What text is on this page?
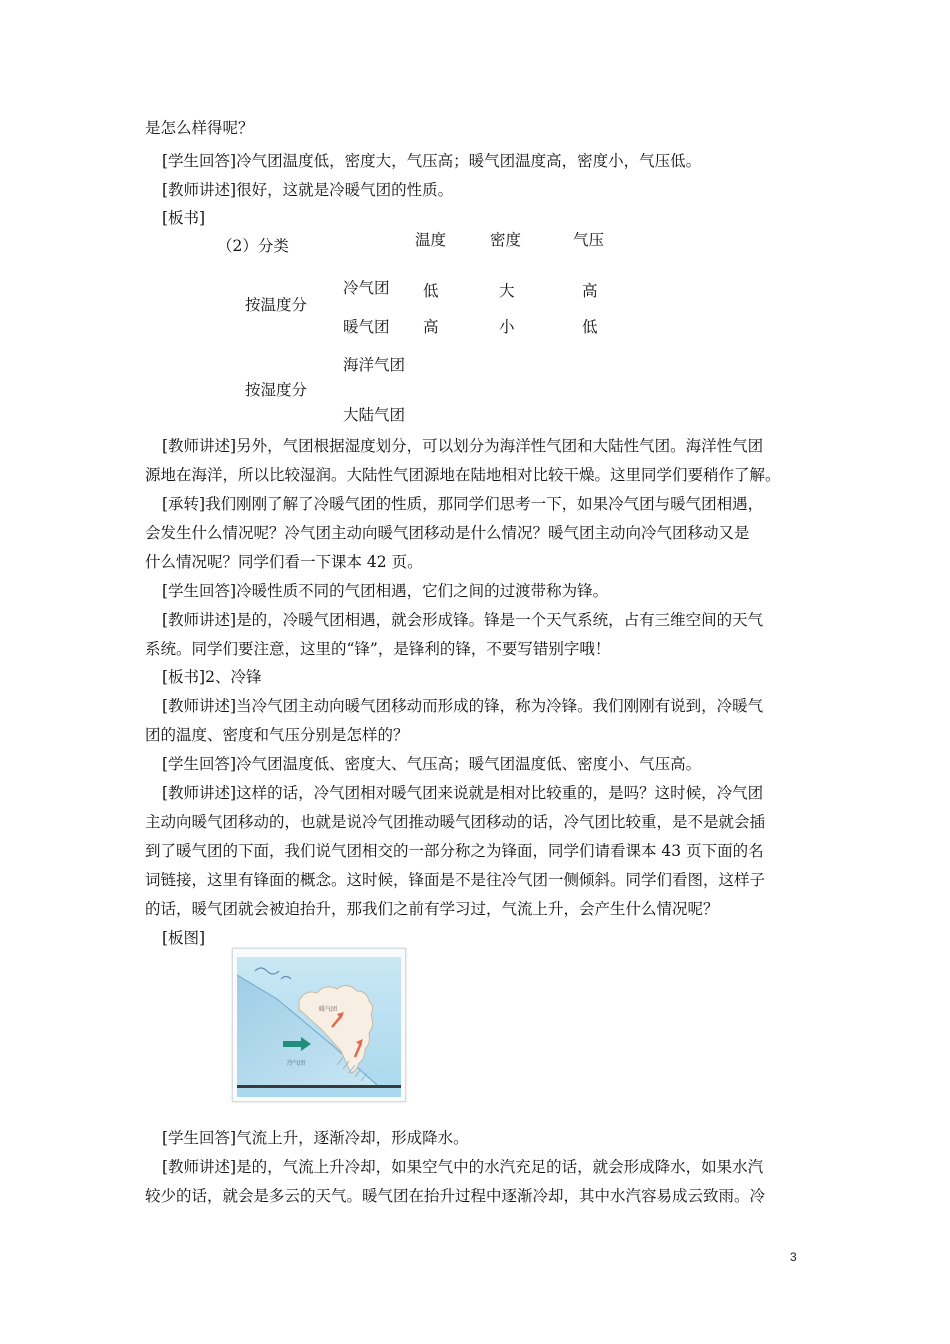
是怎么样得呢？
[学生回答]冷气团温度低，密度大，气压高；暖气团温度高，密度小，气压低。
[教师讲述]很好，这就是冷暖气团的性质。
[板书]
（2）分类	温度	密度	气压
按温度分
冷气团 低	大	高
暖气团 高	小	低
海洋气团
按湿度分
大陆气团
[教师讲述]另外，气团根据湿度划分，可以划分为海洋性气团和大陆性气团。海洋性气团
源地在海洋，所以比较湿润。大陆性气团源地在陆地相对比较干燥。这里同学们要稍作了解。
[承转]我们刚刚了解了冷暖气团的性质，那同学们思考一下，如果冷气团与暖气团相遇，
会发生什么情况呢？冷气团主动向暖气团移动是什么情况？暖气团主动向冷气团移动又是
什么情况呢？同学们看一下课本 42 页。
[学生回答]冷暖性质不同的气团相遇，它们之间的过渡带称为锋。
[教师讲述]是的，冷暖气团相遇，就会形成锋。锋是一个天气系统，占有三维空间的天气
系统。同学们要注意，这里的“锋”，是锋利的锋，不要写错别字哦！
[板书]2、冷锋
[教师讲述]当冷气团主动向暖气团移动而形成的锋，称为冷锋。我们刚刚有说到，冷暖气
团的温度、密度和气压分别是怎样的？
[学生回答]冷气团温度低、密度大、气压高；暖气团温度低、密度小、气压高。
[教师讲述]这样的话，冷气团相对暖气团来说就是相对比较重的，是吗？这时候，冷气团
主动向暖气团移动的，也就是说冷气团推动暖气团移动的话，冷气团比较重，是不是就会插
到了暖气团的下面，我们说气团相交的一部分称之为锋面，同学们请看课本 43 页下面的名
词链接，这里有锋面的概念。这时候，锋面是不是往冷气团一侧倾斜。同学们看图，这样子
的话，暖气团就会被迫抬升，那我们之前有学习过，气流上升，会产生什么情况呢？
[板图]
暖气团
冷气团
[学生回答]气流上升，逐渐冷却，形成降水。
[教师讲述]是的，气流上升冷却，如果空气中的水汽充足的话，就会形成降水，如果水汽
较少的话，就会是多云的天气。暖气团在抬升过程中逐渐冷却，其中水汽容易成云致雨。冷
3
